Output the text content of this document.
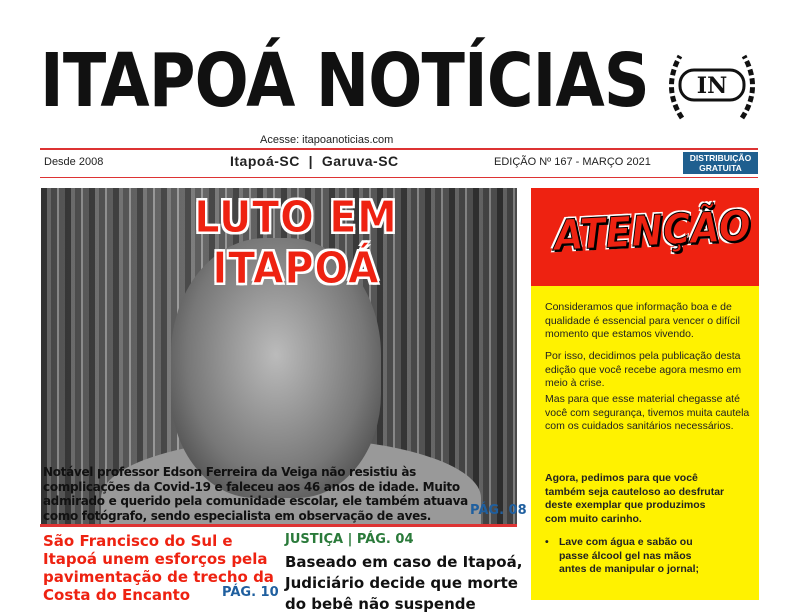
ITAPOÁ NOTÍCIAS IN
Acesse: itapoanoticias.com
Desde 2008	Itapoá-SC  |  Garuva-SC	EDIÇÃO Nº 167 - MARÇO 2021	DISTRIBUIÇÃO
GRATUITA
LUTO EM ITAPOÁ
Notável professor Edson Ferreira da Veiga não resistiu às complicações da Covid-19 e faleceu aos 46 anos de idade. Muito admirado e querido pela comunidade escolar, ele também atuava como fotógrafo, sendo especialista em observação de aves.	PÁG. 08
São Francisco do Sul e Itapoá unem esforços pela pavimentação de trecho da Costa do Encanto	PÁG. 10
JUSTIÇA | PÁG. 04
Baseado em caso de Itapoá, Judiciário decide que morte do bebê não suspende
ATENÇÃO
Consideramos que informação boa e de qualidade é essencial para vencer o difícil momento que estamos vivendo.
Por isso, decidimos pela publicação desta edição que você recebe agora mesmo em meio à crise.
Mas para que esse material chegasse até você com segurança, tivemos muita cautela com os cuidados sanitários necessários.
Agora, pedimos para que você também seja cauteloso ao desfrutar deste exemplar que produzimos com muito carinho.
• Lave com água e sabão ou passe álcool gel nas mãos antes de manipular o jornal;
